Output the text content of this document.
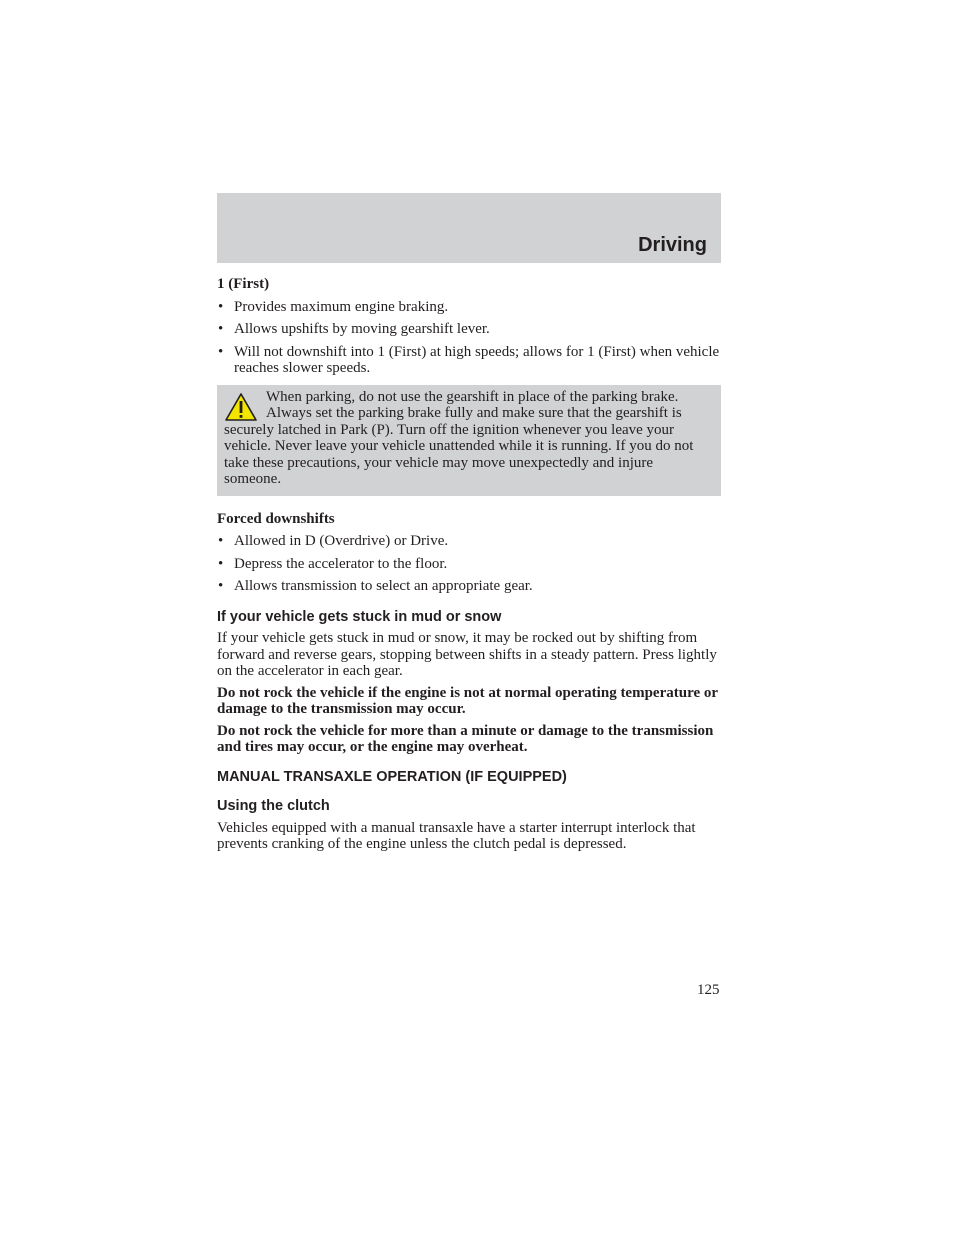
Driving

1 (First)

• Provides maximum engine braking.
• Allows upshifts by moving gearshift lever.
• Will not downshift into 1 (First) at high speeds; allows for 1 (First) when vehicle reaches slower speeds.
When parking, do not use the gearshift in place of the parking brake. Always set the parking brake fully and make sure that the gearshift is securely latched in Park (P). Turn off the ignition whenever you leave your vehicle. Never leave your vehicle unattended while it is running. If you do not take these precautions, your vehicle may move unexpectedly and injure someone.

Forced downshifts

• Allowed in D (Overdrive) or Drive.
• Depress the accelerator to the floor.
• Allows transmission to select an appropriate gear.

If your vehicle gets stuck in mud or snow

If your vehicle gets stuck in mud or snow, it may be rocked out by shifting from forward and reverse gears, stopping between shifts in a steady pattern. Press lightly on the accelerator in each gear.

Do not rock the vehicle if the engine is not at normal operating temperature or damage to the transmission may occur.

Do not rock the vehicle for more than a minute or damage to the transmission and tires may occur, or the engine may overheat.

MANUAL TRANSAXLE OPERATION (IF EQUIPPED)

Using the clutch

Vehicles equipped with a manual transaxle have a starter interrupt interlock that prevents cranking of the engine unless the clutch pedal is depressed.

125
